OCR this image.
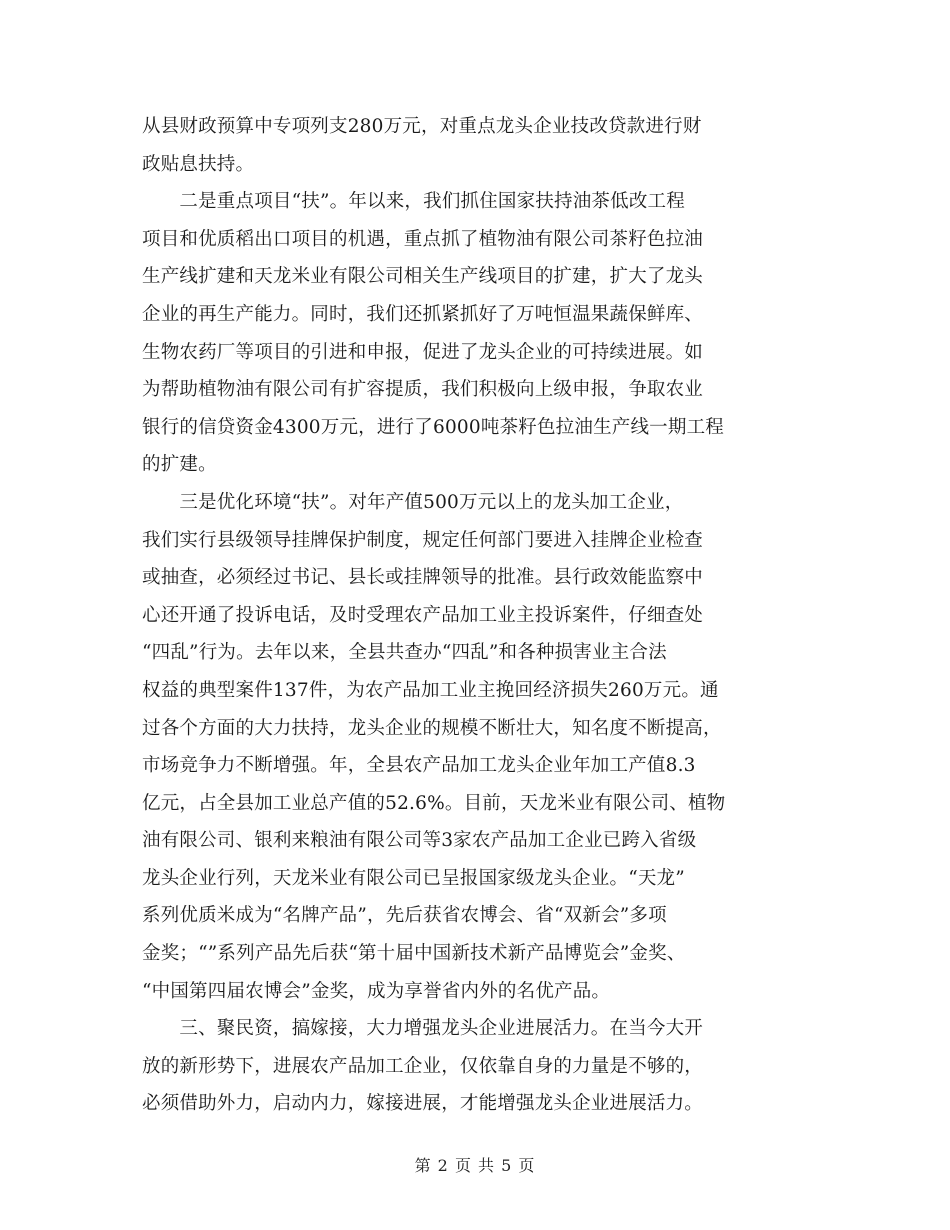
从县财政预算中专项列支280万元，对重点龙头企业技改贷款进行财
政贴息扶持。
　　二是重点项目“扶”。年以来，我们抓住国家扶持油茶低改工程
项目和优质稻出口项目的机遇，重点抓了植物油有限公司茶籽色拉油
生产线扩建和天龙米业有限公司相关生产线项目的扩建，扩大了龙头
企业的再生产能力。同时，我们还抓紧抓好了万吨恒温果蔬保鲜库、
生物农药厂等项目的引进和申报，促进了龙头企业的可持续进展。如
为帮助植物油有限公司有扩容提质，我们积极向上级申报，争取农业
银行的信贷资金4300万元，进行了6000吨茶籽色拉油生产线一期工程
的扩建。
　　三是优化环境“扶”。对年产值500万元以上的龙头加工企业，
我们实行县级领导挂牌保护制度，规定任何部门要进入挂牌企业检查
或抽查，必须经过书记、县长或挂牌领导的批准。县行政效能监察中
心还开通了投诉电话，及时受理农产品加工业主投诉案件，仔细查处
“四乱”行为。去年以来，全县共查办“四乱”和各种损害业主合法
权益的典型案件137件，为农产品加工业主挽回经济损失260万元。通
过各个方面的大力扶持，龙头企业的规模不断壮大，知名度不断提高，
市场竞争力不断增强。年，全县农产品加工龙头企业年加工产值8.3
亿元，占全县加工业总产值的52.6%。目前，天龙米业有限公司、植物
油有限公司、银利来粮油有限公司等3家农产品加工企业已跨入省级
龙头企业行列，天龙米业有限公司已呈报国家级龙头企业。“天龙”
系列优质米成为“名牌产品”，先后获省农博会、省“双新会”多项
金奖；“”系列产品先后获“第十届中国新技术新产品博览会”金奖、
“中国第四届农博会”金奖，成为享誉省内外的名优产品。
　　三、聚民资，搞嫁接，大力增强龙头企业进展活力。在当今大开
放的新形势下，进展农产品加工企业，仅依靠自身的力量是不够的，
必须借助外力，启动内力，嫁接进展，才能增强龙头企业进展活力。
第 2 页 共 5 页
